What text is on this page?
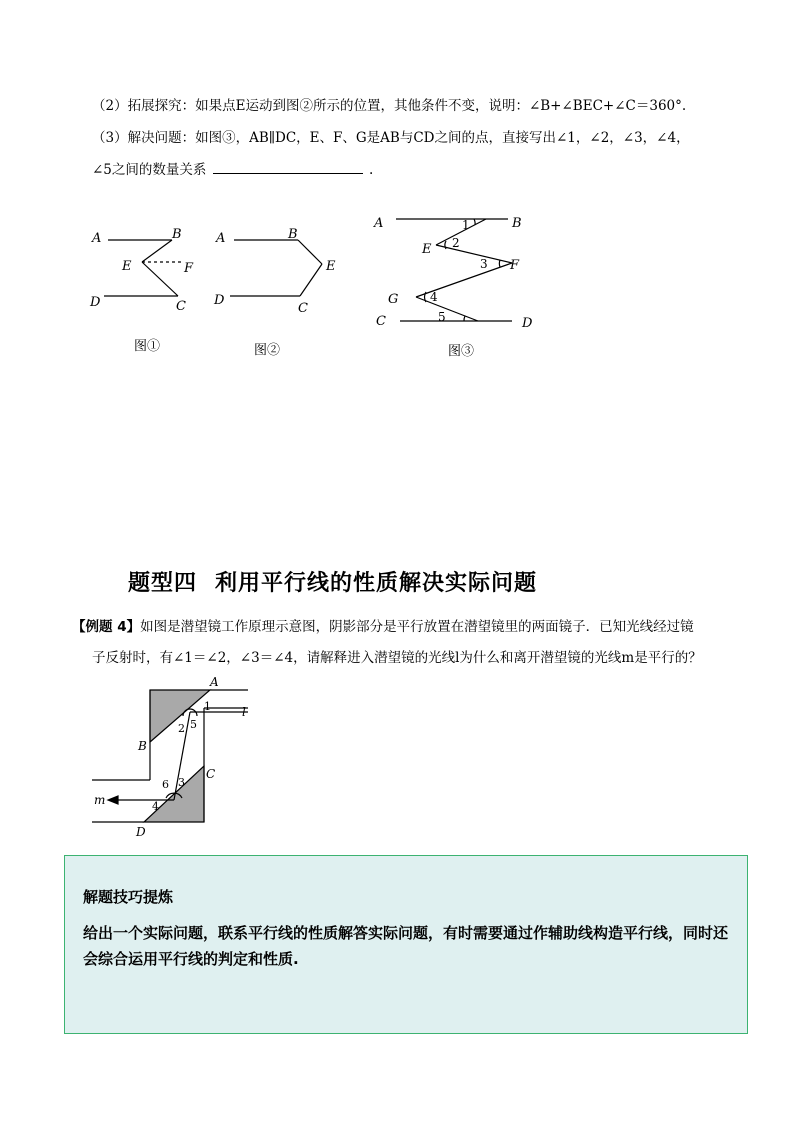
（2）拓展探究：如果点E运动到图②所示的位置，其他条件不变，说明：∠B+∠BEC+∠C＝360°.
（3）解决问题：如图③，AB∥DC，E、F、G是AB与CD之间的点，直接写出∠1，∠2，∠3，∠4，
∠5之间的数量关系	.
A	B
E	F
D	C
图①
A	B
E
D
C
图②
A	B
E
F
G
C	D
1
2
3
4
5
图③
题型四 利用平行线的性质解决实际问题
【例题 4】如图是潜望镜工作原理示意图，阴影部分是平行放置在潜望镜里的两面镜子．已知光线经过镜
子反射时，有∠1＝∠2，∠3＝∠4，请解释进入潜望镜的光线l为什么和离开潜望镜的光线m是平行的？
A
B
C
D
l
m
1
2
3
4
5
6
解题技巧提炼
给出一个实际问题，联系平行线的性质解答实际问题，有时需要通过作辅助线构造平行线，同时还会综合运用平行线的判定和性质.
